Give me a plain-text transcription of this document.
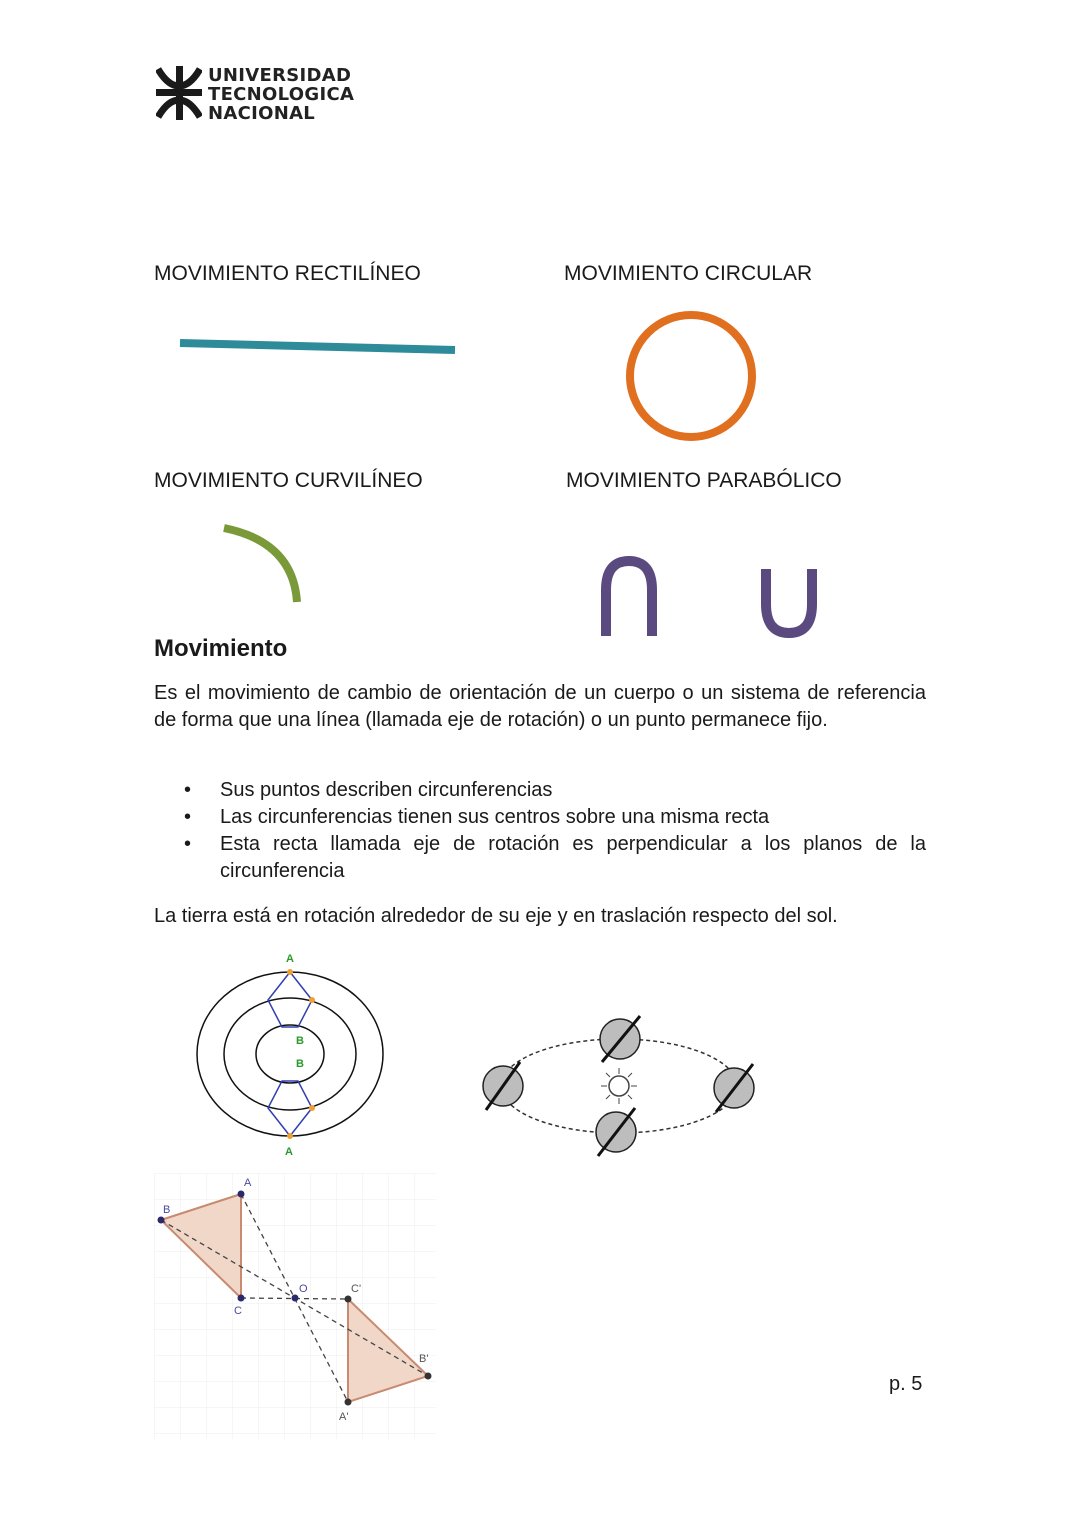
UNIVERSIDAD
TECNOLOGICA
NACIONAL
MOVIMIENTO RECTILÍNEO	MOVIMIENTO CIRCULAR
MOVIMIENTO CURVILÍNEO	MOVIMIENTO PARABÓLICO
Movimiento

Es el movimiento de cambio de orientación de un cuerpo o un sistema de referencia de forma que una línea (llamada eje de rotación) o un punto permanece fijo.

• Sus puntos describen circunferencias
• Las circunferencias tienen sus centros sobre una misma recta
• Esta recta llamada eje de rotación es perpendicular a los planos de la circunferencia

La tierra está en rotación alrededor de su eje y en traslación respecto del sol.

A
A
B
B
A
B
C
O	C'
B'
A'
p. 5
